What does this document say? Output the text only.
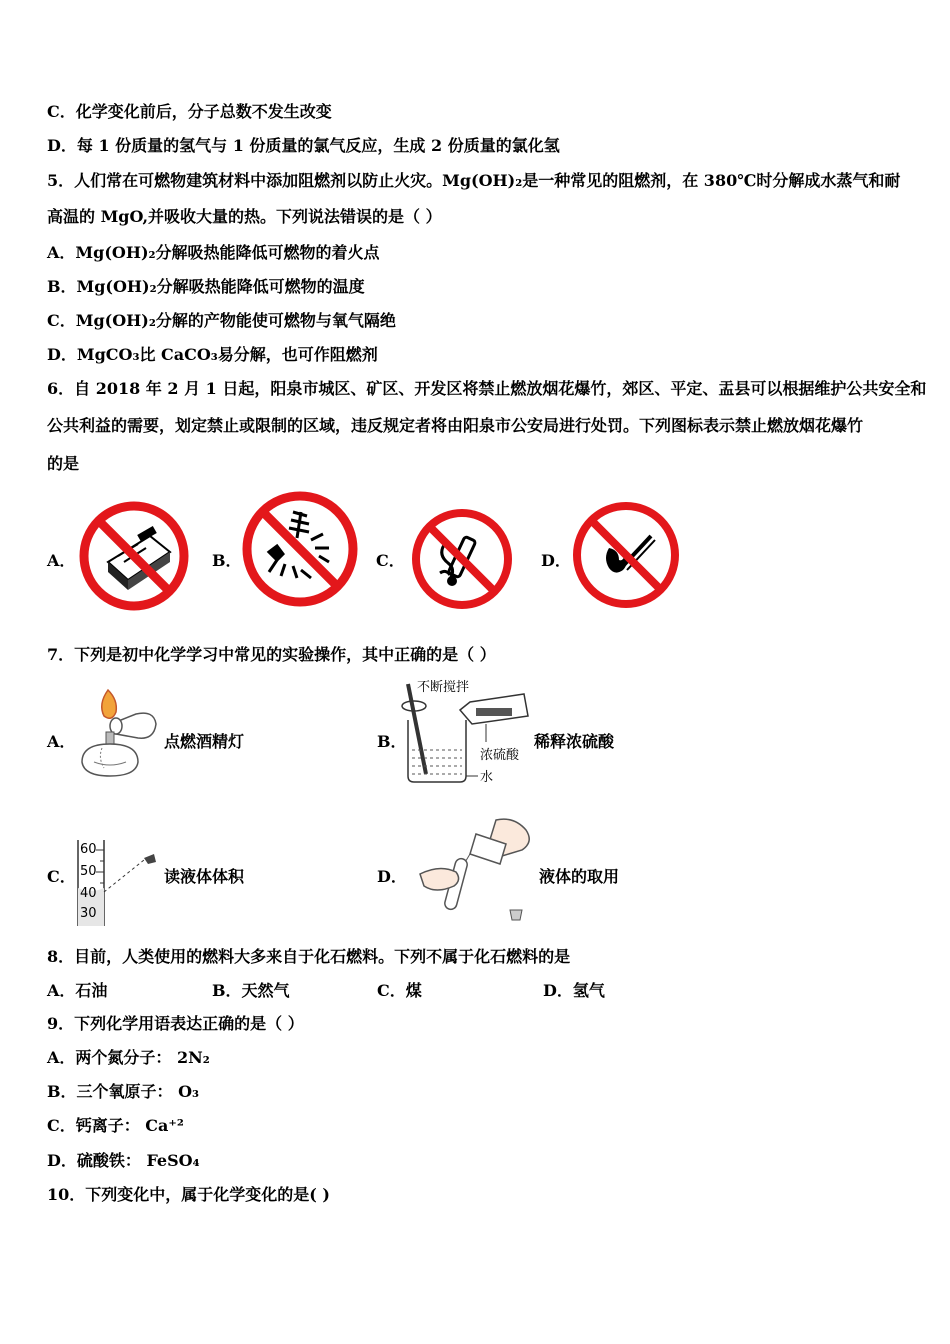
C．化学变化前后，分子总数不发生改变
D．每 1 份质量的氢气与 1 份质量的氯气反应，生成 2 份质量的氯化氢
5．人们常在可燃物建筑材料中添加阻燃剂以防止火灾。Mg(OH)₂是一种常见的阻燃剂，在 380℃时分解成水蒸气和耐
高温的 MgO,并吸收大量的热。下列说法错误的是（ ）
A．Mg(OH)₂分解吸热能降低可燃物的着火点
B．Mg(OH)₂分解吸热能降低可燃物的温度
C．Mg(OH)₂分解的产物能使可燃物与氧气隔绝
D．MgCO₃比 CaCO₃易分解，也可作阻燃剂
6．自 2018 年 2 月 1 日起，阳泉市城区、矿区、开发区将禁止燃放烟花爆竹，郊区、平定、盂县可以根据维护公共安全和
公共利益的需要，划定禁止或限制的区域，违反规定者将由阳泉市公安局进行处罚。下列图标表示禁止燃放烟花爆竹
的是
A．	B．	C．	D．
7．下列是初中化学学习中常见的实验操作，其中正确的是（ ）
A．	点燃酒精灯	B．
不断搅拌
浓硫酸
水
稀释浓硫酸
C．
60
50
40
30
读液体体积	D．	液体的取用
8．目前，人类使用的燃料大多来自于化石燃料。下列不属于化石燃料的是
A．石油	B．天然气	C．煤	D．氢气
9．下列化学用语表达正确的是（ ）
A．两个氮分子： 2N₂
B．三个氧原子： O₃
C．钙离子： Ca⁺²
D．硫酸铁： FeSO₄
10．下列变化中，属于化学变化的是( )
